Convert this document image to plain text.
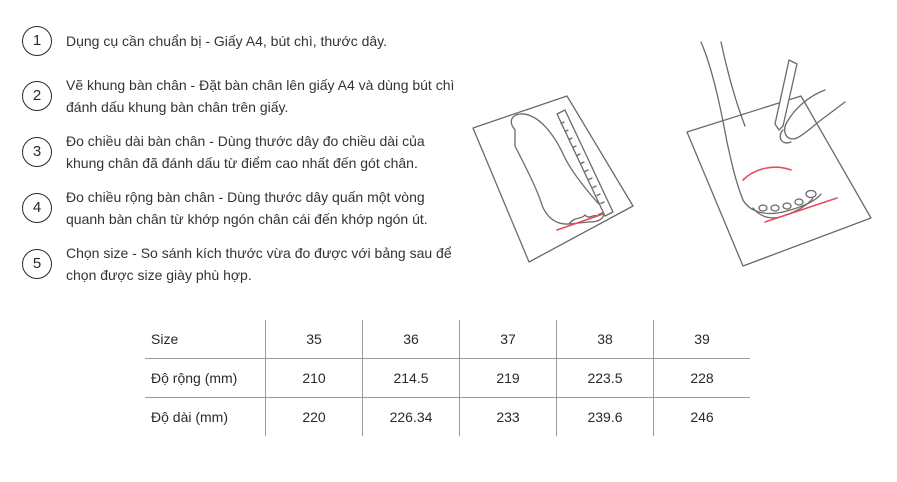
1	Dụng cụ cần chuẩn bị - Giấy A4, bút chì, thước dây.
2
Vẽ khung bàn chân - Đặt bàn chân lên giấy A4 và dùng bút chì đánh dấu khung bàn chân trên giấy.
3
Đo chiều dài bàn chân - Dùng thước dây đo chiều dài của khung chân đã đánh dấu từ điểm cao nhất đến gót chân.
4
Đo chiều rộng bàn chân - Dùng thước dây quấn một vòng quanh bàn chân từ khớp ngón chân cái đến khớp ngón út.
5
Chọn size - So sánh kích thước vừa đo được với bảng sau để chọn được size giày phù hợp.
Size	35	36	37	38	39
Độ rộng (mm)	210	214.5	219	223.5	228
Độ dài (mm)	220	226.34	233	239.6	246
